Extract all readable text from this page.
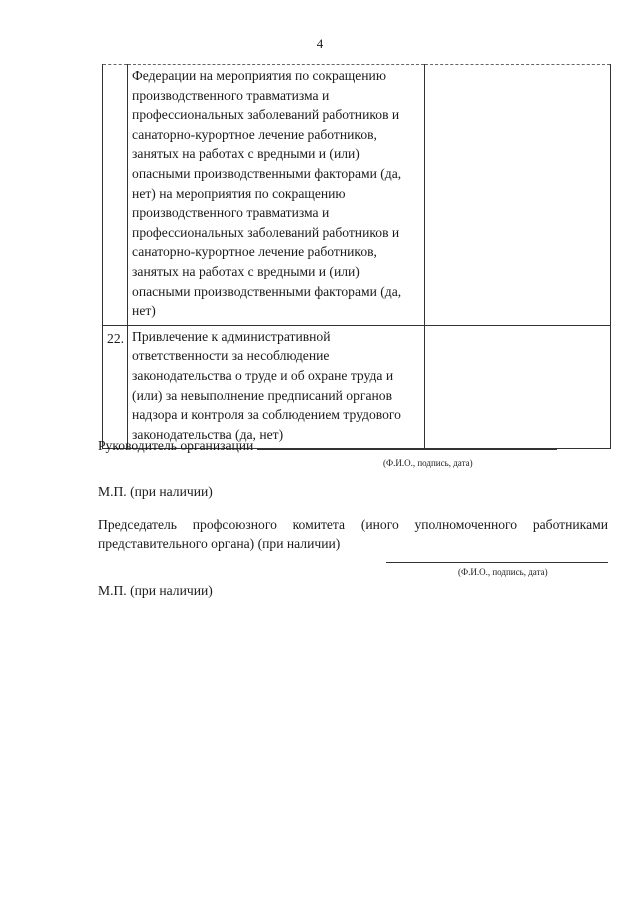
4
	Федерации на мероприятия по сокращению производственного травматизма и профессиональных заболеваний работников и санаторно-курортное лечение работников, занятых на работах с вредными и (или) опасными производственными факторами (да, нет) на мероприятия по сокращению производственного травматизма и профессиональных заболеваний работников и санаторно-курортное лечение работников, занятых на работах с вредными и (или) опасными производственными факторами (да, нет)	
22.	Привлечение к административной ответственности за несоблюдение законодательства о труде и об охране труда и (или) за невыполнение предписаний органов надзора и контроля за соблюдением трудового законодательства (да, нет)	
Руководитель организации
(Ф.И.О., подпись, дата)
М.П. (при наличии)
Председатель профсоюзного комитета (иного уполномоченного работниками представительного органа) (при наличии)
(Ф.И.О., подпись, дата)
М.П. (при наличии)
